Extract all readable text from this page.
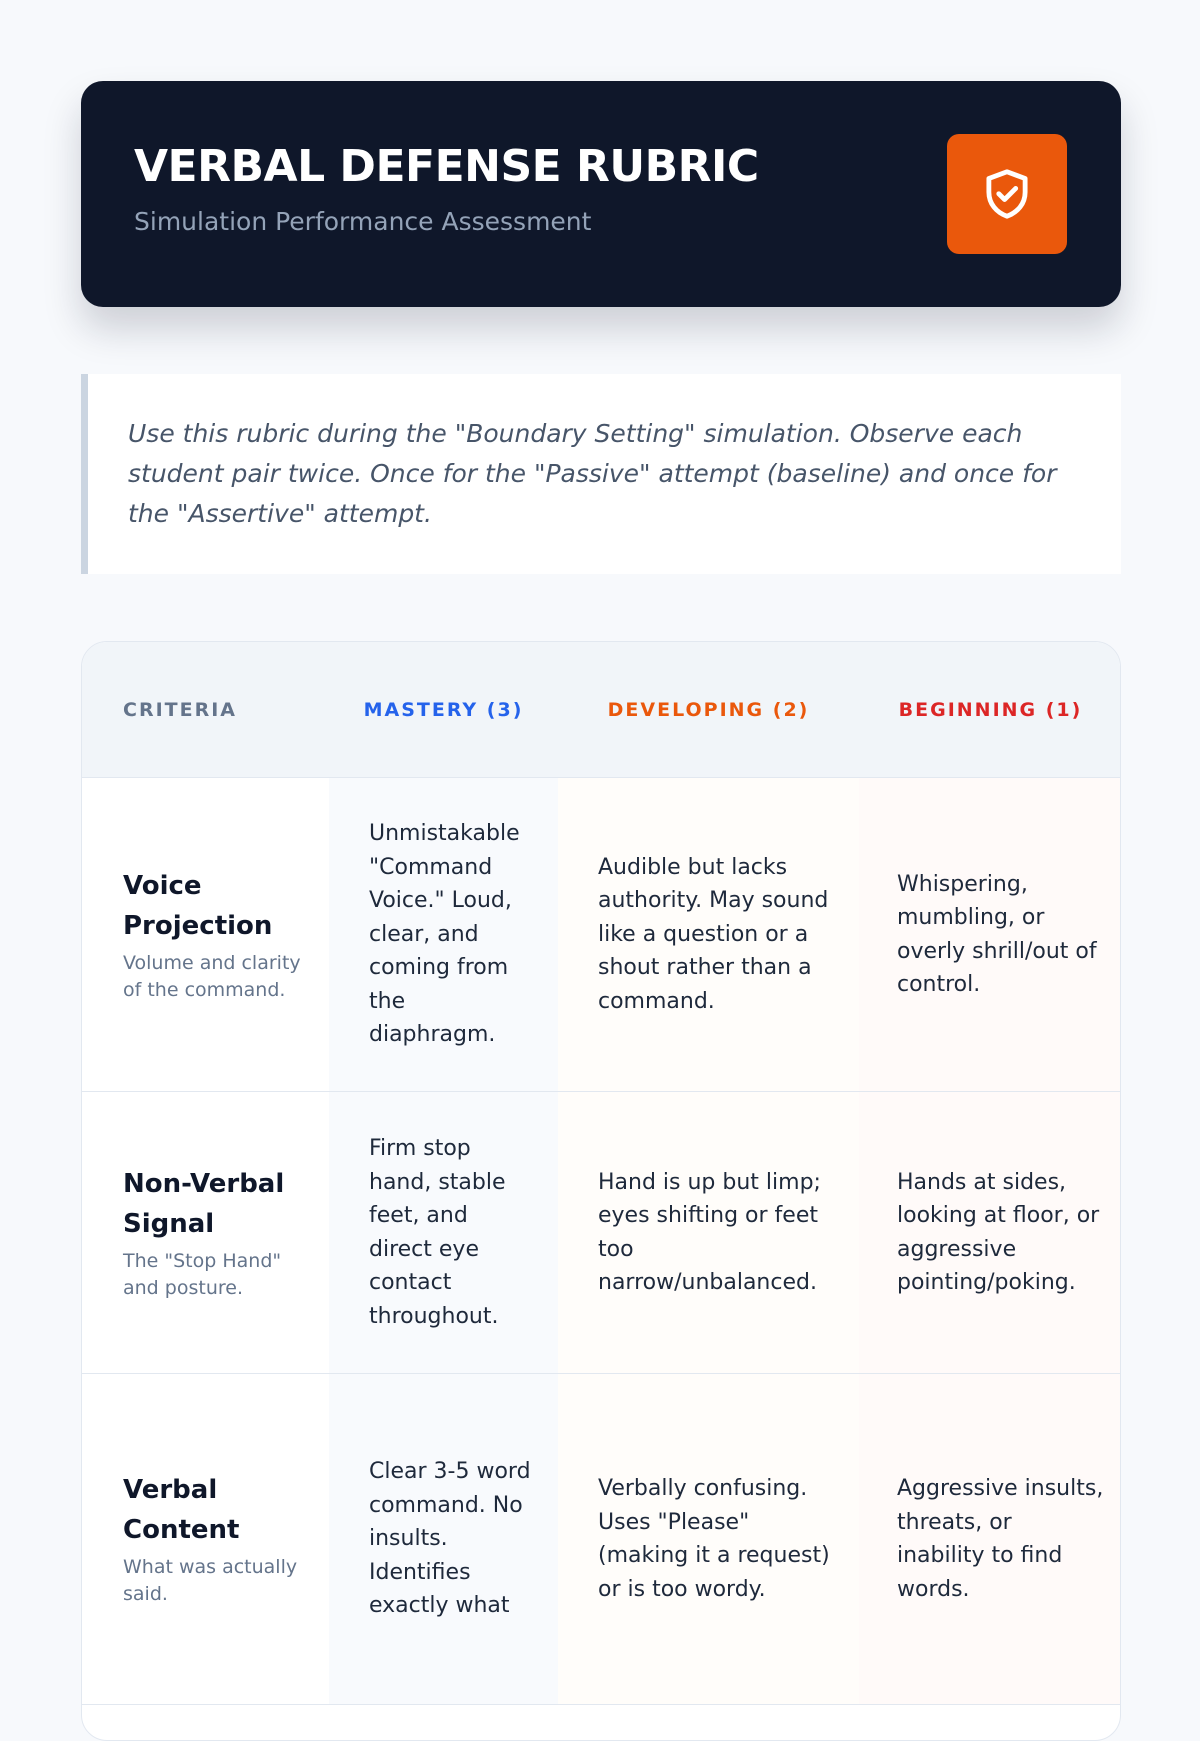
VERBAL DEFENSE RUBRIC

Simulation Performance Assessment

Use this rubric during the "Boundary Setting" simulation. Observe each student pair twice. Once for the "Passive" attempt (baseline) and once for the "Assertive" attempt.

CRITERIA	MASTERY (3)	DEVELOPING (2)	BEGINNING (1)

Voice Projection
Volume and clarity of the command.	Unmistakable "Command Voice." Loud, clear, and coming from the diaphragm.	Audible but lacks authority. May sound like a question or a shout rather than a command.	Whispering, mumbling, or overly shrill/out of control.

Non-Verbal Signal
The "Stop Hand" and posture.	Firm stop hand, stable feet, and direct eye contact throughout.	Hand is up but limp; eyes shifting or feet too narrow/unbalanced.	Hands at sides, looking at floor, or aggressive pointing/poking.

Verbal Content
What was actually said.	Clear 3-5 word command. No insults. Identifies exactly what	Verbally confusing. Uses "Please" (making it a request) or is too wordy.	Aggressive insults, threats, or inability to find words.
